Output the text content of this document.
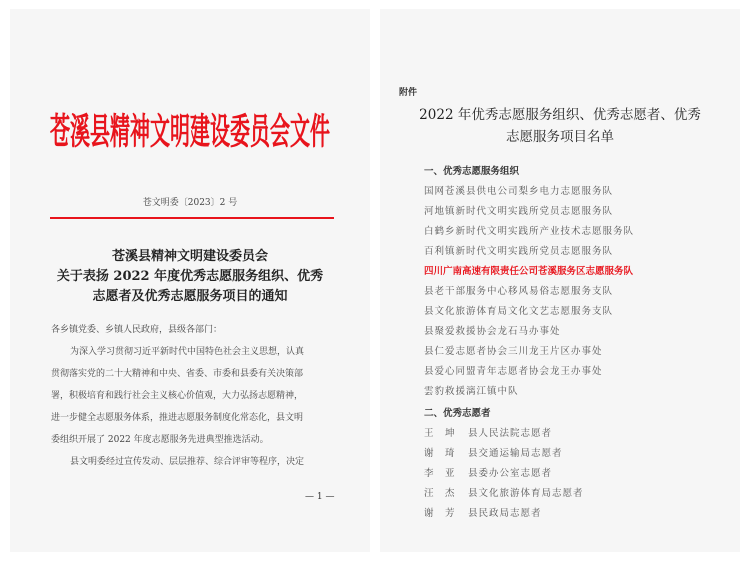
苍溪县精神文明建设委员会文件
苍文明委〔2023〕2 号
苍溪县精神文明建设委员会
关于表扬 2022 年度优秀志愿服务组织、优秀
志愿者及优秀志愿服务项目的通知
各乡镇党委、乡镇人民政府，县级各部门：
为深入学习贯彻习近平新时代中国特色社会主义思想，认真
贯彻落实党的二十大精神和中央、省委、市委和县委有关决策部
署，积极培育和践行社会主义核心价值观，大力弘扬志愿精神，
进一步健全志愿服务体系，推进志愿服务制度化常态化，县文明
委组织开展了 2022 年度志愿服务先进典型推选活动。
县文明委经过宣传发动、层层推荐、综合评审等程序，决定
— 1 —
附件
2022 年优秀志愿服务组织、优秀志愿者、优秀
志愿服务项目名单
一、优秀志愿服务组织
二、优秀志愿者
国网苍溪县供电公司梨乡电力志愿服务队
河地镇新时代文明实践所党员志愿服务队
白鹤乡新时代文明实践所产业技术志愿服务队
百利镇新时代文明实践所党员志愿服务队
四川广南高速有限责任公司苍溪服务区志愿服务队
县老干部服务中心移风易俗志愿服务支队
县文化旅游体育局文化文艺志愿服务支队
县聚爱救援协会龙石马办事处
县仁爱志愿者协会三川龙王片区办事处
县爱心同盟青年志愿者协会龙王办事处
雲豹救援漓江镇中队
王　坤 县人民法院志愿者
谢　琦 县交通运输局志愿者
李　亚 县委办公室志愿者
汪　杰 县文化旅游体育局志愿者
谢　芳 县民政局志愿者
